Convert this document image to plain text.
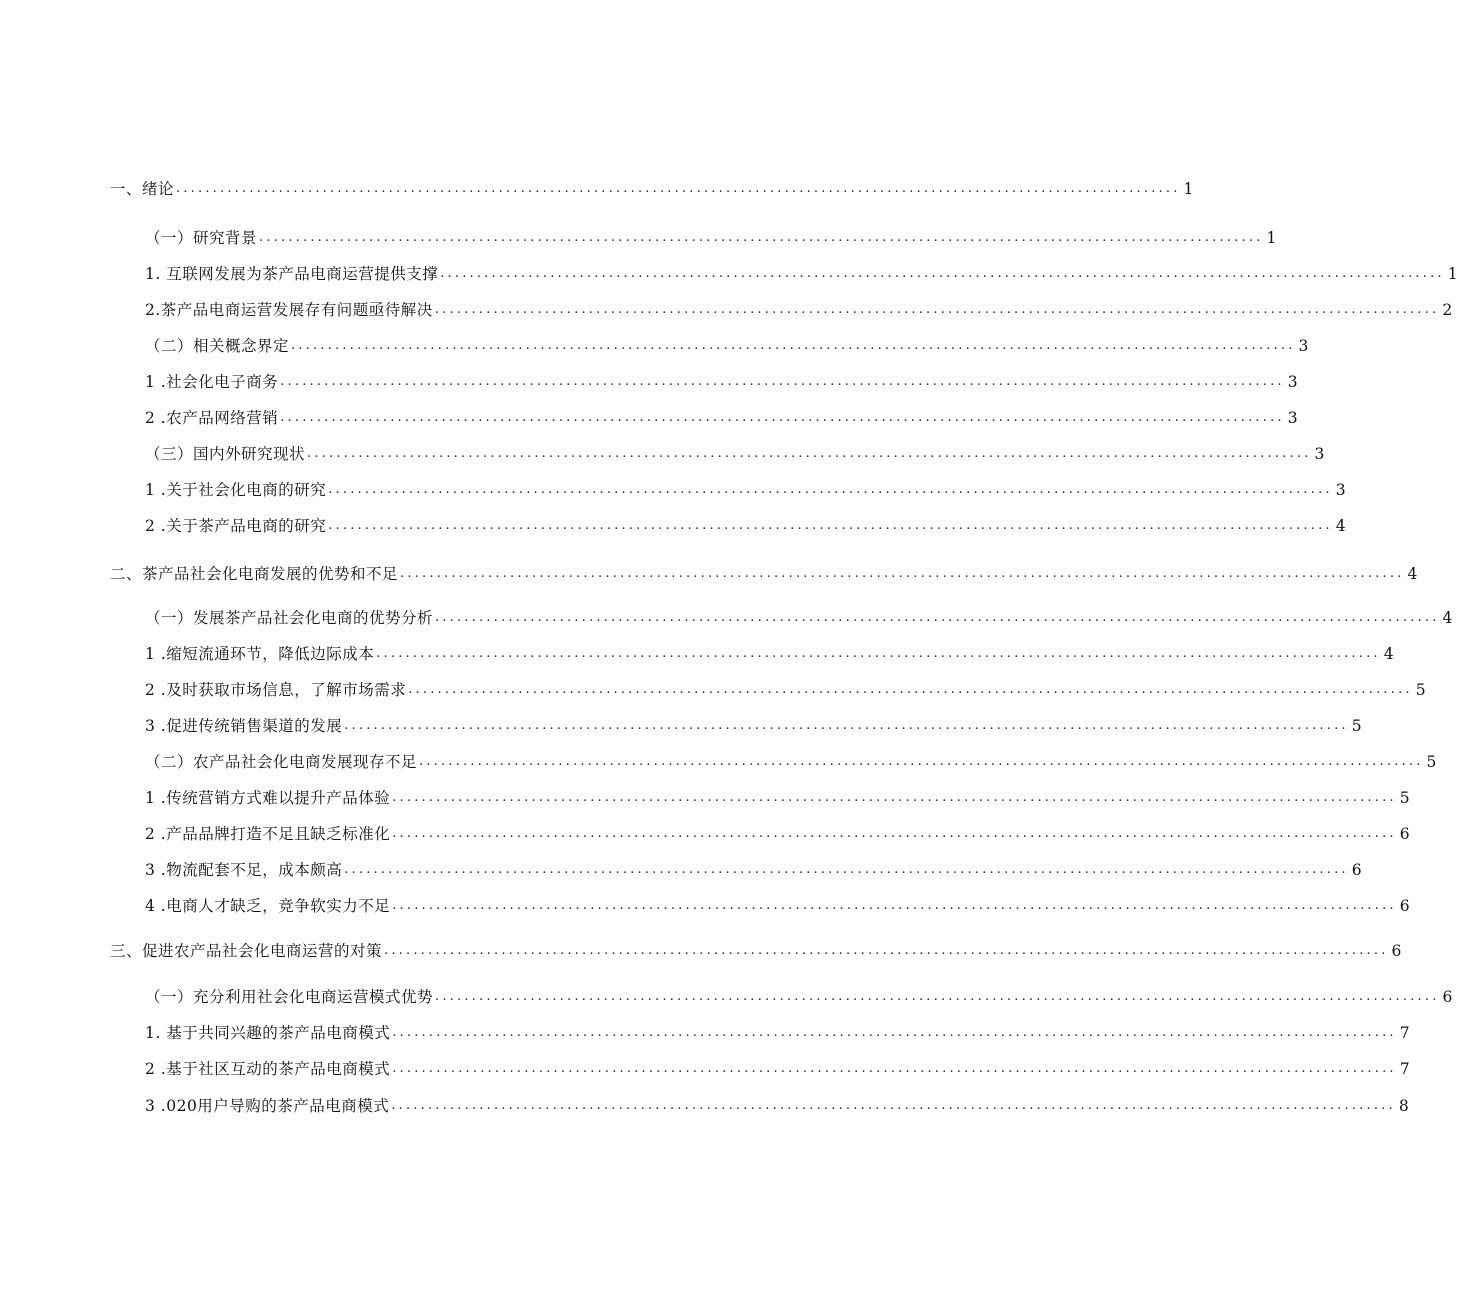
一、绪论 ......................................................................................................................................... 1
（一）研究背景 ......................................................................................................................................... 1
1. 互联网发展为茶产品电商运营提供支撑 ......................................................................................................................................... 1
2.茶产品电商运营发展存有问题亟待解决 ......................................................................................................................................... 2
（二）相关概念界定 ......................................................................................................................................... 3
1 .社会化电子商务 ......................................................................................................................................... 3
2 .农产品网络营销 ......................................................................................................................................... 3
（三）国内外研究现状 ......................................................................................................................................... 3
1 .关于社会化电商的研究 ......................................................................................................................................... 3
2 .关于茶产品电商的研究 ......................................................................................................................................... 4
二、茶产品社会化电商发展的优势和不足 ......................................................................................................................................... 4
（一）发展茶产品社会化电商的优势分析 ......................................................................................................................................... 4
1 .缩短流通环节，降低边际成本 ......................................................................................................................................... 4
2 .及时获取市场信息，了解市场需求 ......................................................................................................................................... 5
3 .促进传统销售渠道的发展 ......................................................................................................................................... 5
（二）农产品社会化电商发展现存不足 ......................................................................................................................................... 5
1 .传统营销方式难以提升产品体验 ......................................................................................................................................... 5
2 .产品品牌打造不足且缺乏标准化 ......................................................................................................................................... 6
3 .物流配套不足，成本颇高 ......................................................................................................................................... 6
4 .电商人才缺乏，竞争软实力不足 ......................................................................................................................................... 6
三、促进农产品社会化电商运营的对策 ......................................................................................................................................... 6
（一）充分利用社会化电商运营模式优势 ......................................................................................................................................... 6
1. 基于共同兴趣的茶产品电商模式 ......................................................................................................................................... 7
2 .基于社区互动的茶产品电商模式 ......................................................................................................................................... 7
3 .020用户导购的茶产品电商模式 ......................................................................................................................................... 8
